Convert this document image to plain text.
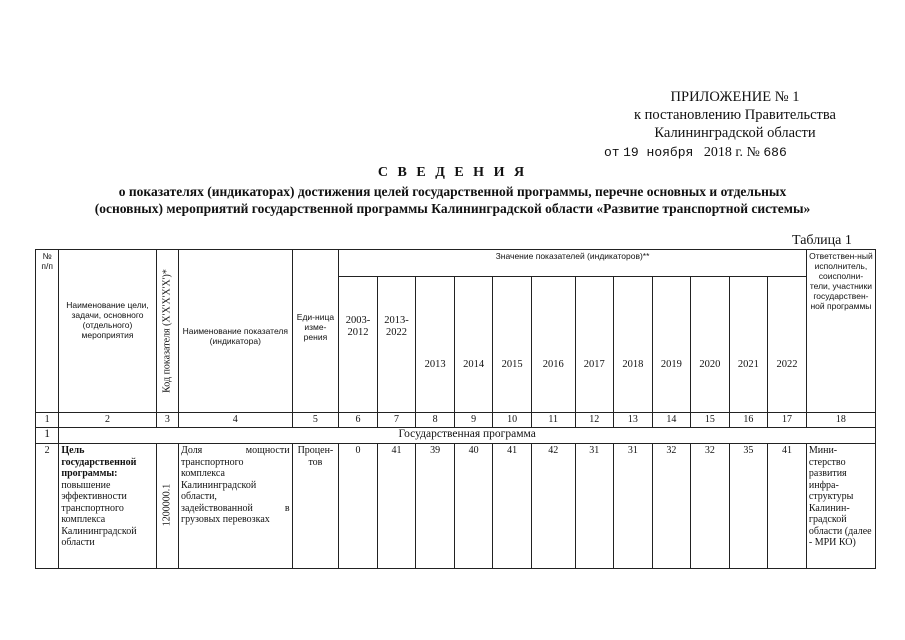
ПРИЛОЖЕНИЕ № 1
к постановлению Правительства
Калининградской области
от 19 ноября 2018 г. № 686
С В Е Д Е Н И Я
о показателях (индикаторах) достижения целей государственной программы, перечне основных и отдельных
(основных) мероприятий государственной программы Калининградской области «Развитие транспортной системы»
Таблица 1
№ п/п	Наименование цели, задачи, основного (отдельного) мероприятия	Код показателя (X'X'X'X'X')*	Наименование показателя (индикатора)	Еди-ница изме-рения	Значение показателей (индикаторов)**												Ответствен-ный исполнитель, соисполни-тели, участники государствен-ной программы
					2003-2012	2013-2022	2013	2014	2015	2016	2017	2018	2019	2020	2021	2022	
1	2	3	4	5	6	7	8	9	10	11	12	13	14	15	16	17	18
1	Государственная программа																
2	Цель государственной программы: повышение эффективности транспортного комплекса Калининградской области	1200000.1	Доля мощности транспортного комплекса Калининградской области, задействованной в грузовых перевозках	Процен-тов	0	41	39	40	41	42	31	31	32	32	35	41	Мини-стерство развития инфра-структуры Калинин-градской области (далее - МРИ КО)
